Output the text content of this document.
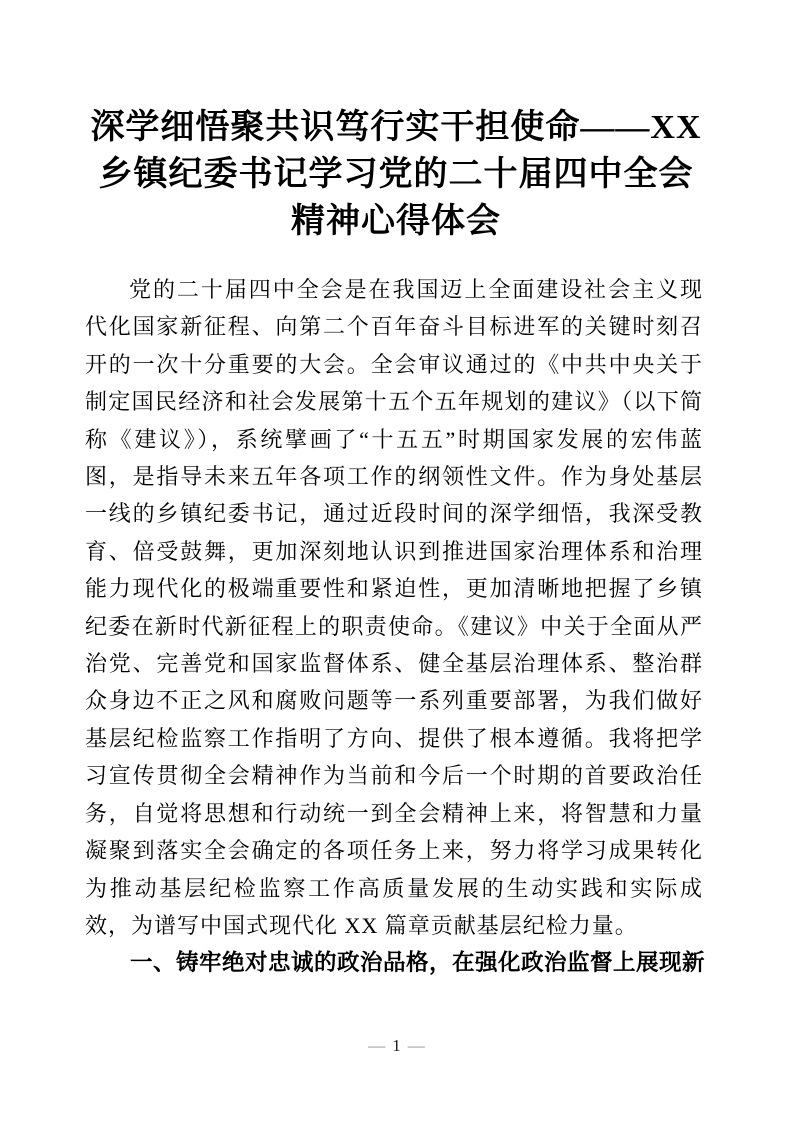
深学细悟聚共识笃行实干担使命——XX乡镇纪委书记学习党的二十届四中全会精神心得体会

党的二十届四中全会是在我国迈上全面建设社会主义现代化国家新征程、向第二个百年奋斗目标进军的关键时刻召开的一次十分重要的大会。全会审议通过的《中共中央关于制定国民经济和社会发展第十五个五年规划的建议》（以下简称《建议》），系统擘画了“十五五”时期国家发展的宏伟蓝图，是指导未来五年各项工作的纲领性文件。作为身处基层一线的乡镇纪委书记，通过近段时间的深学细悟，我深受教育、倍受鼓舞，更加深刻地认识到推进国家治理体系和治理能力现代化的极端重要性和紧迫性，更加清晰地把握了乡镇纪委在新时代新征程上的职责使命。《建议》中关于全面从严治党、完善党和国家监督体系、健全基层治理体系、整治群众身边不正之风和腐败问题等一系列重要部署，为我们做好基层纪检监察工作指明了方向、提供了根本遵循。我将把学习宣传贯彻全会精神作为当前和今后一个时期的首要政治任务，自觉将思想和行动统一到全会精神上来，将智慧和力量凝聚到落实全会确定的各项任务上来，努力将学习成果转化为推动基层纪检监察工作高质量发展的生动实践和实际成效，为谱写中国式现代化 XX 篇章贡献基层纪检力量。

一、铸牢绝对忠诚的政治品格，在强化政治监督上展现新

— 1 —
